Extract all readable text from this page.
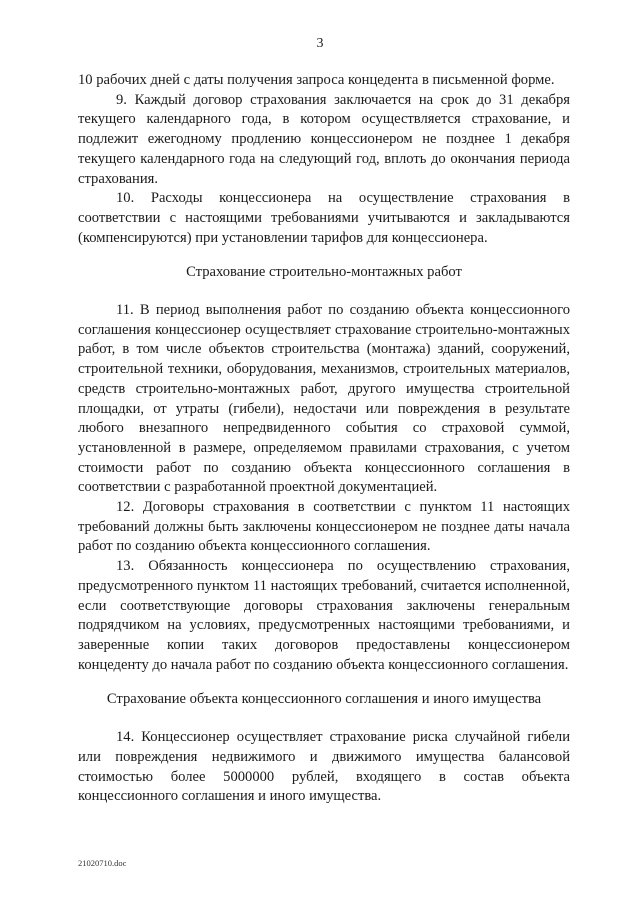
3

10 рабочих дней с даты получения запроса концедента в письменной форме.

9. Каждый договор страхования заключается на срок до 31 декабря текущего календарного года, в котором осуществляется страхование, и подлежит ежегодному продлению концессионером не позднее 1 декабря текущего календарного года на следующий год, вплоть до окончания периода страхования.

10. Расходы концессионера на осуществление страхования в соответствии с настоящими требованиями учитываются и закладываются (компенсируются) при установлении тарифов для концессионера.

Страхование строительно-монтажных работ

11. В период выполнения работ по созданию объекта концессионного соглашения концессионер осуществляет страхование строительно-монтажных работ, в том числе объектов строительства (монтажа) зданий, сооружений, строительной техники, оборудования, механизмов, строительных материалов, средств строительно-монтажных работ, другого имущества строительной площадки, от утраты (гибели), недостачи или повреждения в результате любого внезапного непредвиденного события со страховой суммой, установленной в размере, определяемом правилами страхования, с учетом стоимости работ по созданию объекта концессионного соглашения в соответствии с разработанной проектной документацией.

12. Договоры страхования в соответствии с пунктом 11 настоящих требований должны быть заключены концессионером не позднее даты начала работ по созданию объекта концессионного соглашения.

13. Обязанность концессионера по осуществлению страхования, предусмотренного пунктом 11 настоящих требований, считается исполненной, если соответствующие договоры страхования заключены генеральным подрядчиком на условиях, предусмотренных настоящими требованиями, и заверенные копии таких договоров предоставлены концессионером концеденту до начала работ по созданию объекта концессионного соглашения.

Страхование объекта концессионного соглашения и иного имущества

14. Концессионер осуществляет страхование риска случайной гибели или повреждения недвижимого и движимого имущества балансовой стоимостью более 5000000 рублей, входящего в состав объекта концессионного соглашения и иного имущества.

21020710.doc
